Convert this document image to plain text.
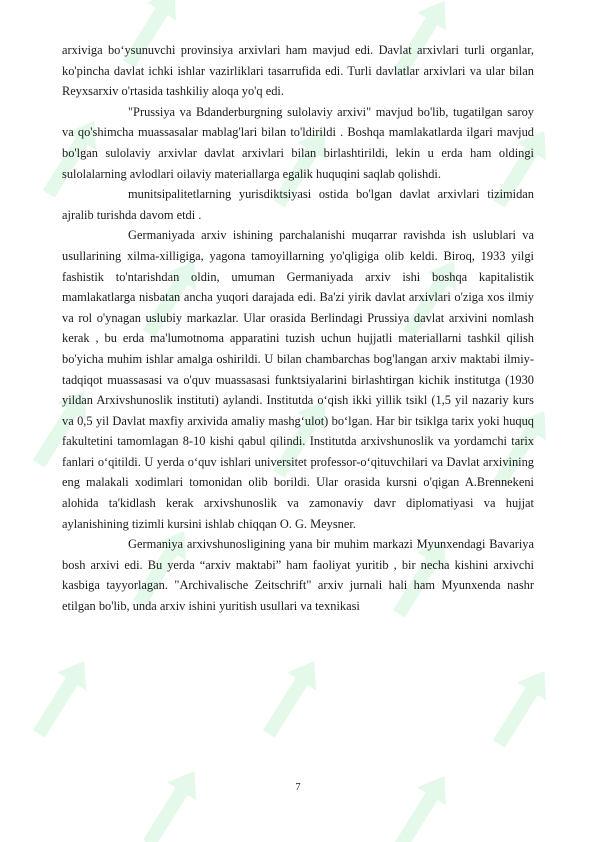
arxiviga bo‘ysunuvchi provinsiya arxivlari ham mavjud edi. Davlat arxivlari turli organlar, ko'pincha davlat ichki ishlar vazirliklari tasarrufida edi. Turli davlatlar arxivlari va ular bilan Reyxsarxiv o'rtasida tashkiliy aloqa yo'q edi.

"Prussiya va Bdanderburgning sulolaviy arxivi" mavjud bo'lib, tugatilgan saroy va qo'shimcha muassasalar mablag'lari bilan to'ldirildi . Boshqa mamlakatlarda ilgari mavjud bo'lgan sulolaviy arxivlar davlat arxivlari bilan birlashtirildi, lekin u erda ham oldingi sulolalarning avlodlari oilaviy materiallarga egalik huquqini saqlab qolishdi.

munitsipalitetlarning yurisdiktsiyasi ostida bo'lgan davlat arxivlari tizimidan ajralib turishda davom etdi .

Germaniyada arxiv ishining parchalanishi muqarrar ravishda ish uslublari va usullarining xilma-xilligiga, yagona tamoyillarning yo'qligiga olib keldi. Biroq, 1933 yilgi fashistik to'ntarishdan oldin, umuman Germaniyada arxiv ishi boshqa kapitalistik mamlakatlarga nisbatan ancha yuqori darajada edi. Ba'zi yirik davlat arxivlari o'ziga xos ilmiy va rol o'ynagan uslubiy markazlar. Ular orasida Berlindagi Prussiya davlat arxivini nomlash kerak , bu erda ma'lumotnoma apparatini tuzish uchun hujjatli materiallarni tashkil qilish bo'yicha muhim ishlar amalga oshirildi. U bilan chambarchas bog'langan arxiv maktabi ilmiy-tadqiqot muassasasi va o'quv muassasasi funktsiyalarini birlashtirgan kichik institutga (1930 yildan Arxivshunoslik instituti) aylandi. Institutda o‘qish ikki yillik tsikl (1,5 yil nazariy kurs va 0,5 yil Davlat maxfiy arxivida amaliy mashg‘ulot) bo‘lgan. Har bir tsiklga tarix yoki huquq fakultetini tamomlagan 8-10 kishi qabul qilindi. Institutda arxivshunoslik va yordamchi tarix fanlari o‘qitildi. U yerda o‘quv ishlari universitet professor-o‘qituvchilari va Davlat arxivining eng malakali xodimlari tomonidan olib borildi. Ular orasida kursni o'qigan A.Brennekeni alohida ta'kidlash kerak arxivshunoslik va zamonaviy davr diplomatiyasi va hujjat aylanishining tizimli kursini ishlab chiqqan O. G. Meysner.

Germaniya arxivshunosligining yana bir muhim markazi Myunxendagi Bavariya bosh arxivi edi. Bu yerda “arxiv maktabi” ham faoliyat yuritib , bir necha kishini arxivchi kasbiga tayyorlagan. "Archivalische Zeitschrift" arxiv jurnali hali ham Myunxenda nashr etilgan bo'lib, unda arxiv ishini yuritish usullari va texnikasi

7
